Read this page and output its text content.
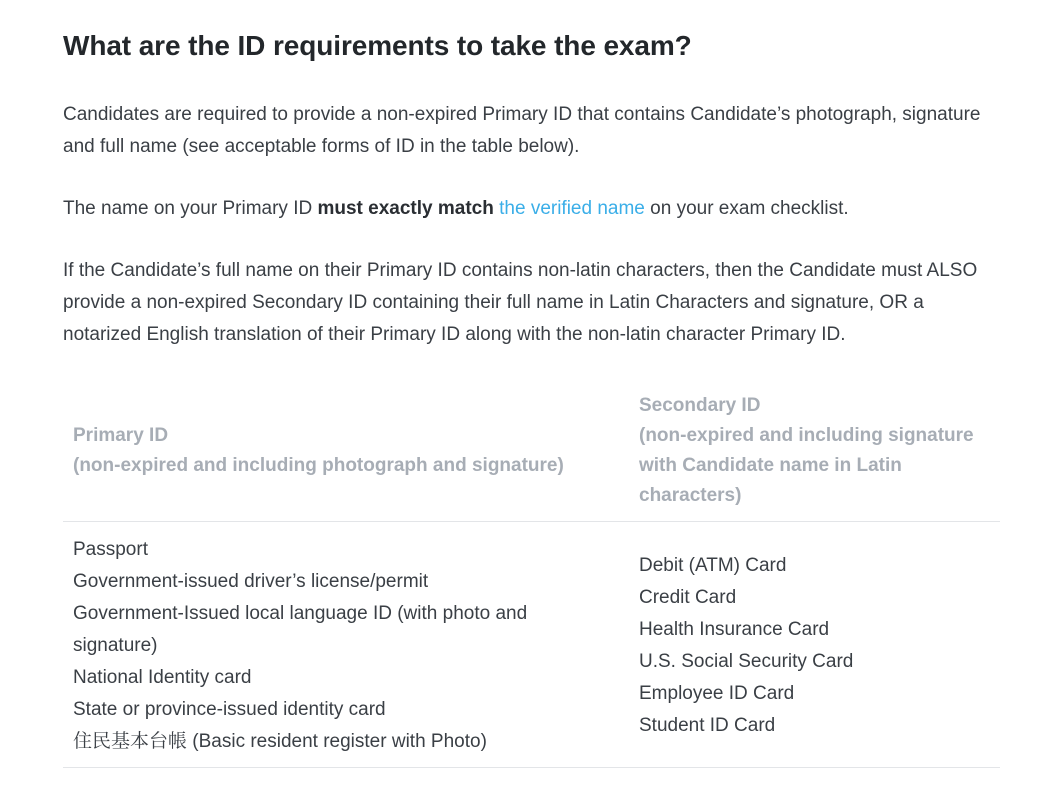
What are the ID requirements to take the exam?

Candidates are required to provide a non-expired Primary ID that contains Candidate’s photograph, signature and full name (see acceptable forms of ID in the table below).

The name on your Primary ID must exactly match the verified name on your exam checklist.

If the Candidate’s full name on their Primary ID contains non-latin characters, then the Candidate must ALSO provide a non-expired Secondary ID containing their full name in Latin Characters and signature, OR a notarized English translation of their Primary ID along with the non-latin character Primary ID.

Primary ID
(non-expired and including photograph and signature)
Secondary ID
(non-expired and including signature
with Candidate name in Latin
characters)
Passport
Government-issued driver’s license/permit
Government-Issued local language ID (with photo and signature)
National Identity card
State or province-issued identity card
住民基本台帳 (Basic resident register with Photo)
Debit (ATM) Card
Credit Card
Health Insurance Card
U.S. Social Security Card
Employee ID Card
Student ID Card
